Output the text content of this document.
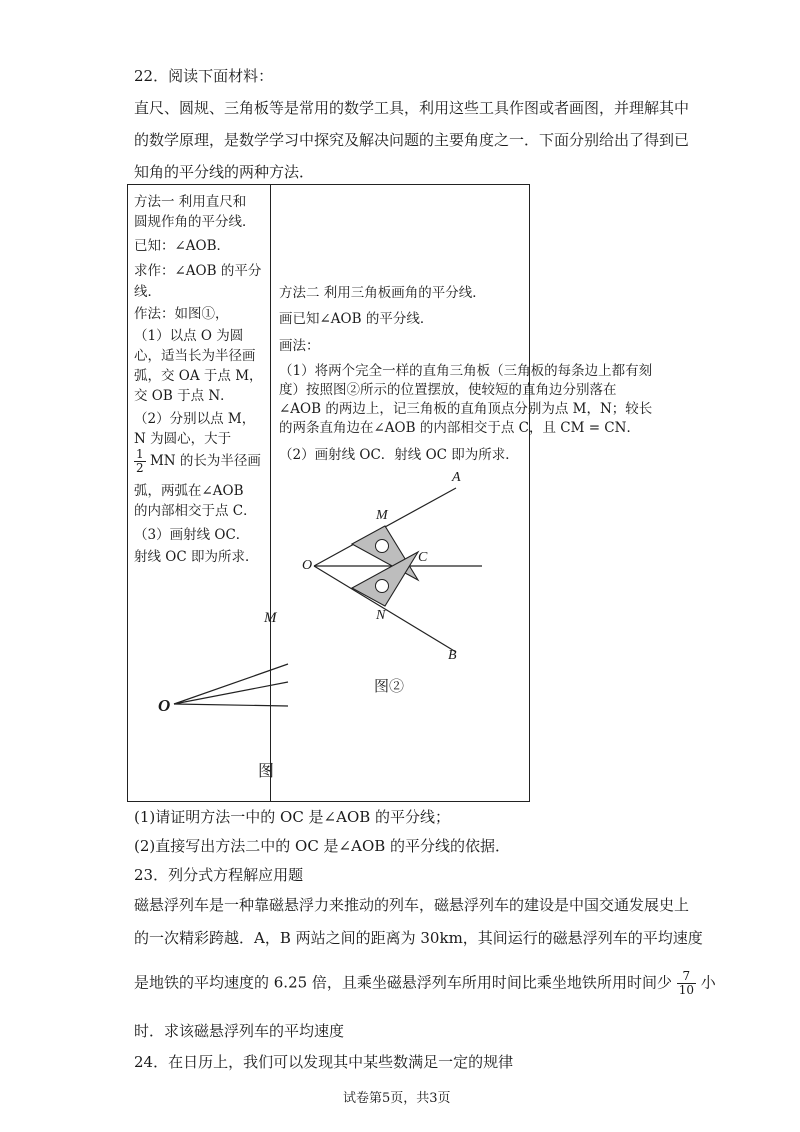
22．阅读下面材料：
直尺、圆规、三角板等是常用的数学工具，利用这些工具作图或者画图，并理解其中
的数学原理，是数学学习中探究及解决问题的主要角度之一．下面分别给出了得到已
知角的平分线的两种方法．
方法一 利用直尺和
圆规作角的平分线．
已知：∠AOB．
求作：∠AOB 的平分
线．
作法：如图①，
（1）以点 O 为圆
心，适当长为半径画
弧，交 OA 于点 M，
交 OB 于点 N．
（2）分别以点 M，
N 为圆心，大于
$\frac{1}{2}$ MN 的长为半径画
弧，两弧在∠AOB
的内部相交于点 C．
（3）画射线 OC．
射线 OC 即为所求．
O
M
图
方法二 利用三角板画角的平分线．
画已知∠AOB 的平分线．
画法：
（1）将两个完全一样的直角三角板（三角板的每条边上都有刻
度）按照图②所示的位置摆放，使较短的直角边分别落在
∠AOB 的两边上，记三角板的直角顶点分别为点 M，N；较长
的两条直角边在∠AOB 的内部相交于点 C，且 CM = CN．
（2）画射线 OC．射线 OC 即为所求．
A
M
O
C
N
B
图②
(1)请证明方法一中的 OC 是∠AOB 的平分线；
(2)直接写出方法二中的 OC 是∠AOB 的平分线的依据．
23．列分式方程解应用题
磁悬浮列车是一种靠磁悬浮力来推动的列车，磁悬浮列车的建设是中国交通发展史上
的一次精彩跨越．A，B 两站之间的距离为 30km，其间运行的磁悬浮列车的平均速度
是地铁的平均速度的 6.25 倍，且乘坐磁悬浮列车所用时间比乘坐地铁所用时间少 $\frac{7}{10}$ 小
时．求该磁悬浮列车的平均速度
24．在日历上，我们可以发现其中某些数满足一定的规律
试卷第5页，共3页
